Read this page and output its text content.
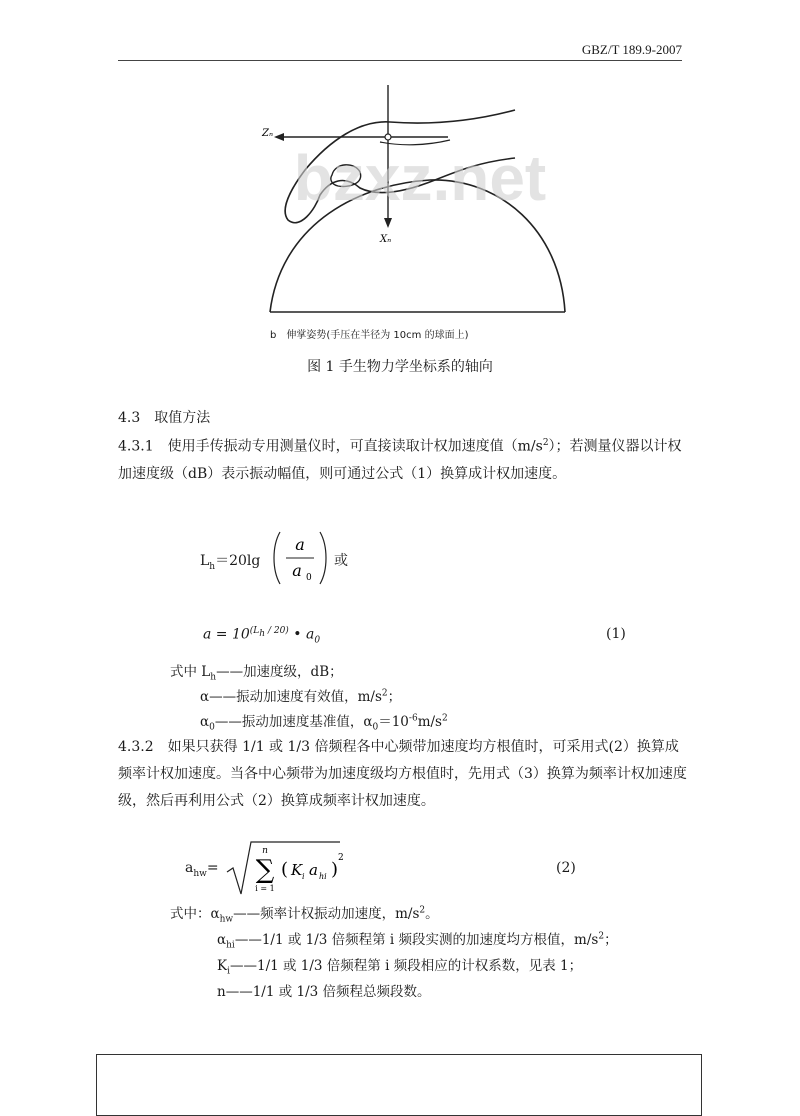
GBZ/T 189.9-2007
Zₙ
Xₙ
bzxz.net
b　伸掌姿势(手压在半径为 10cm 的球面上)
图 1 手生物力学坐标系的轴向
4.3　取值方法
4.3.1　使用手传振动专用测量仪时，可直接读取计权加速度值$(m/s^2)$；若测量仪器以计权加速度级（dB）表示振动幅值，则可通过公式（1）换算成计权加速度。
$L_h=20\lg$
a
a 0
或
$a = 10^{(L_h / 20)}$ • $a_0$	(1)
式中 $L_h——$加速度级，dB；
α——振动加速度有效值，$m/s^2$；
$\alpha_0——$振动加速度基准值，$\alpha_0=10^{-6}m/s^2$
4.3.2　如果只获得 1/1 或 1/3 倍频程各中心频带加速度均方根值时，可采用式(2）换算成频率计权加速度。当各中心频带为加速度级均方根值时，先用式（3）换算为频率计权加速度级，然后再利用公式（2）换算成频率计权加速度。
$a_{hw}=$
n
∑
i = 1
( K i a hi )
2
(2)
式中：$\alpha_{hw}——$频率计权振动加速度，$m/s^2$。
$\alpha_{hi}——1/1$ 或 1/3 倍频程第 i 频段实测的加速度均方根值，$m/s^2$；
$K_i——1/1$ 或 1/3 倍频程第 i 频段相应的计权系数，见表 1；
n——1/1 或 1/3 倍频程总频段数。
